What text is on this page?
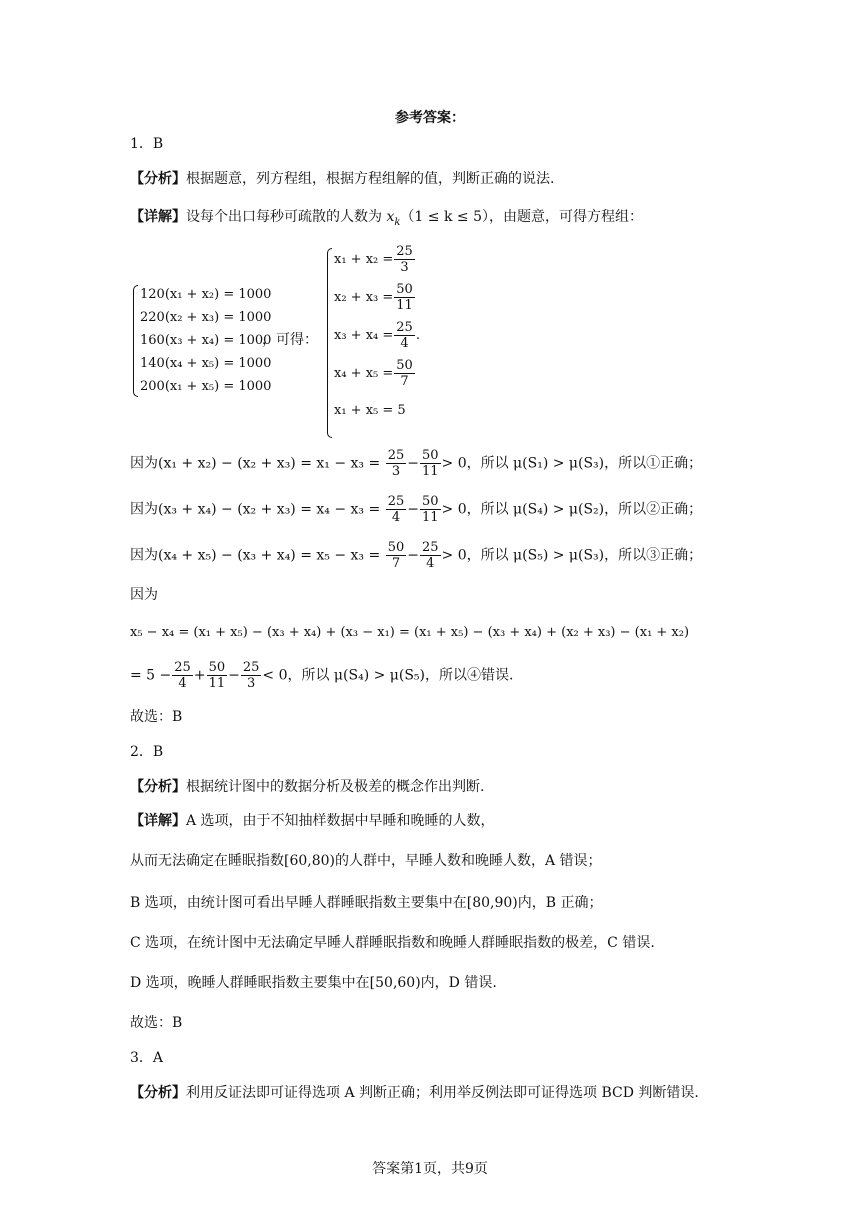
参考答案：
1．B
【分析】根据题意，列方程组，根据方程组解的值，判断正确的说法.
【详解】设每个出口每秒可疏散的人数为 $x_k(1 \le k \le 5)$，由题意，可得方程组：
120(x₁ + x₂) = 1000
220(x₂ + x₃) = 1000
160(x₃ + x₄) = 1000
140(x₄ + x₅) = 1000
200(x₁ + x₅) = 1000
，可得：
$x_1 + x_2 = \frac{25}{3}$
$x_2 + x_3 = \frac{50}{11}$
$x_3 + x_4 = \frac{25}{4}$ .
$x_4 + x_5 = \frac{50}{7}$
x₁ + x₅ = 5
因为$(x_1 + x_2) - (x_2 + x_3) = x_1 - x_3 = \frac{25}{3} - \frac{50}{11} > 0$，所以 μ(S₁) > μ(S₃)，所以①正确；
因为$(x_3 + x_4) - (x_2 + x_3) = x_4 - x_3 = \frac{25}{4} - \frac{50}{11} > 0$，所以 μ(S₄) > μ(S₂)，所以②正确；
因为$(x_4 + x_5) - (x_3 + x_4) = x_5 - x_3 = \frac{50}{7} - \frac{25}{4} > 0$，所以 μ(S₅) > μ(S₃)，所以③正确；
因为
x₅ − x₄ = (x₁ + x₅) − (x₃ + x₄) + (x₃ − x₁) = (x₁ + x₅) − (x₃ + x₄) + (x₂ + x₃) − (x₁ + x₂)
= $5 - \frac{25}{4} + \frac{50}{11} - \frac{25}{3} < 0$，所以 μ(S₄) > μ(S₅)，所以④错误.
故选：B
2．B
【分析】根据统计图中的数据分析及极差的概念作出判断.
【详解】A 选项，由于不知抽样数据中早睡和晚睡的人数，
从而无法确定在睡眠指数[60,80)的人群中，早睡人数和晚睡人数，A 错误；
B 选项，由统计图可看出早睡人群睡眠指数主要集中在[80,90)内，B 正确；
C 选项，在统计图中无法确定早睡人群睡眠指数和晚睡人群睡眠指数的极差，C 错误.
D 选项，晚睡人群睡眠指数主要集中在[50,60)内，D 错误.
故选：B
3．A
【分析】利用反证法即可证得选项 A 判断正确；利用举反例法即可证得选项 BCD 判断错误.
答案第1页，共9页
